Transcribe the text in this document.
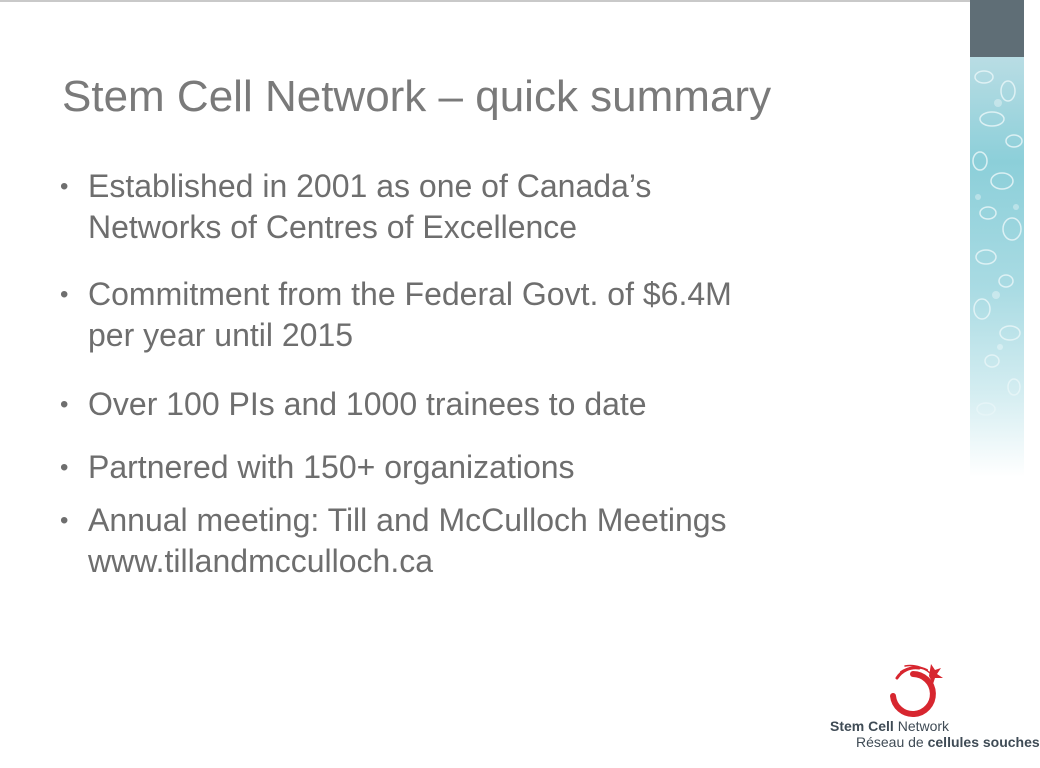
Stem Cell Network – quick summary
• Established in 2001 as one of Canada’s
Networks of Centres of Excellence
• Commitment from the Federal Govt. of $6.4M
per year until 2015
• Over 100 PIs and 1000 trainees to date
• Partnered with 150+ organizations
• Annual meeting: Till and McCulloch Meetings
www.tillandmcculloch.ca
Stem Cell Network
Réseau de cellules souches
